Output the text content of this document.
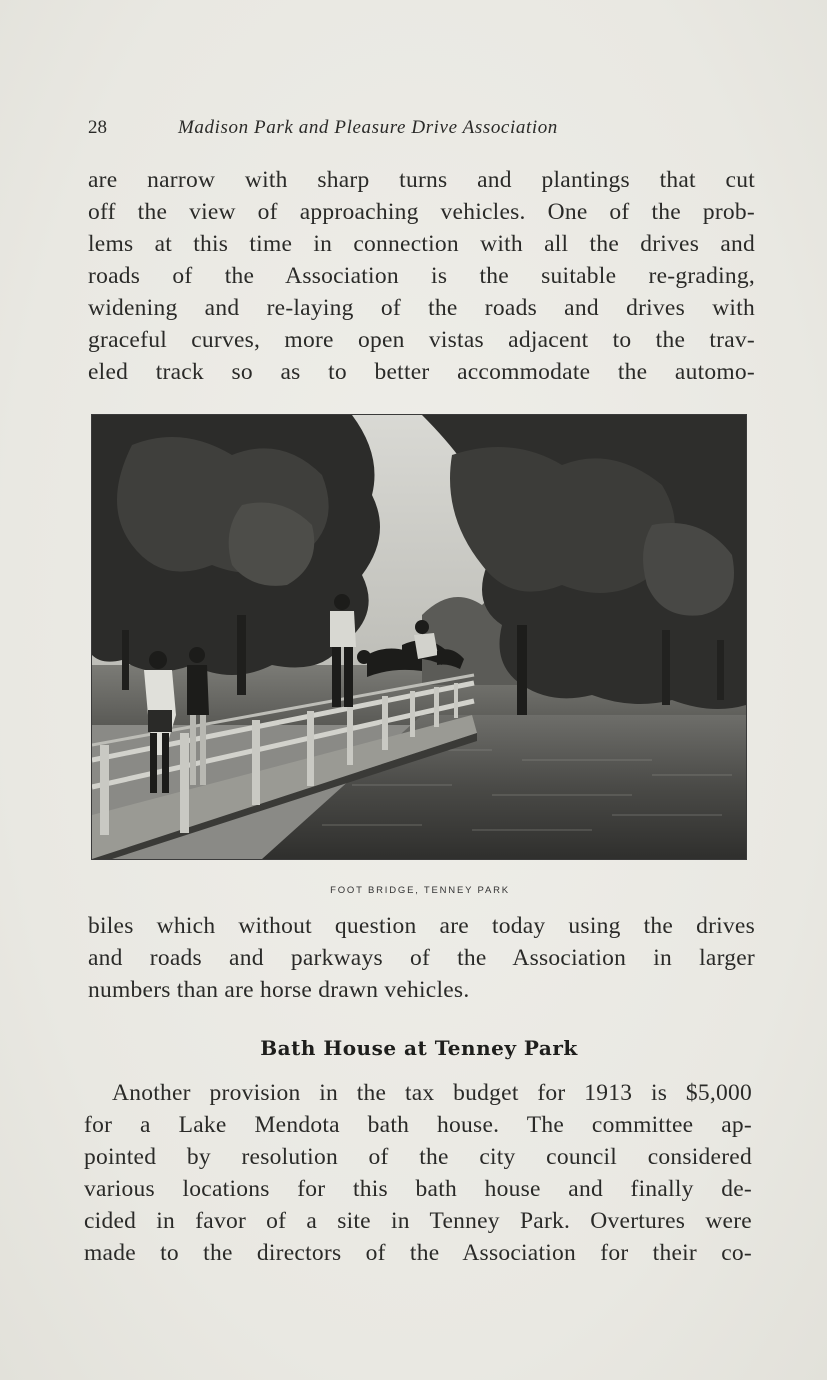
28	Madison Park and Pleasure Drive Association

are narrow with sharp turns and plantings that cut
off the view of approaching vehicles. One of the prob-
lems at this time in connection with all the drives and
roads of the Association is the suitable re-grading,
widening and re-laying of the roads and drives with
graceful curves, more open vistas adjacent to the trav-
eled track so as to better accommodate the automo-

FOOT BRIDGE, TENNEY PARK

biles which without question are today using the drives
and roads and parkways of the Association in larger
numbers than are horse drawn vehicles.

Bath House at Tenney Park

Another provision in the tax budget for 1913 is $5,000
for a Lake Mendota bath house. The committee ap-
pointed by resolution of the city council considered
various locations for this bath house and finally de-
cided in favor of a site in Tenney Park. Overtures were
made to the directors of the Association for their co-
